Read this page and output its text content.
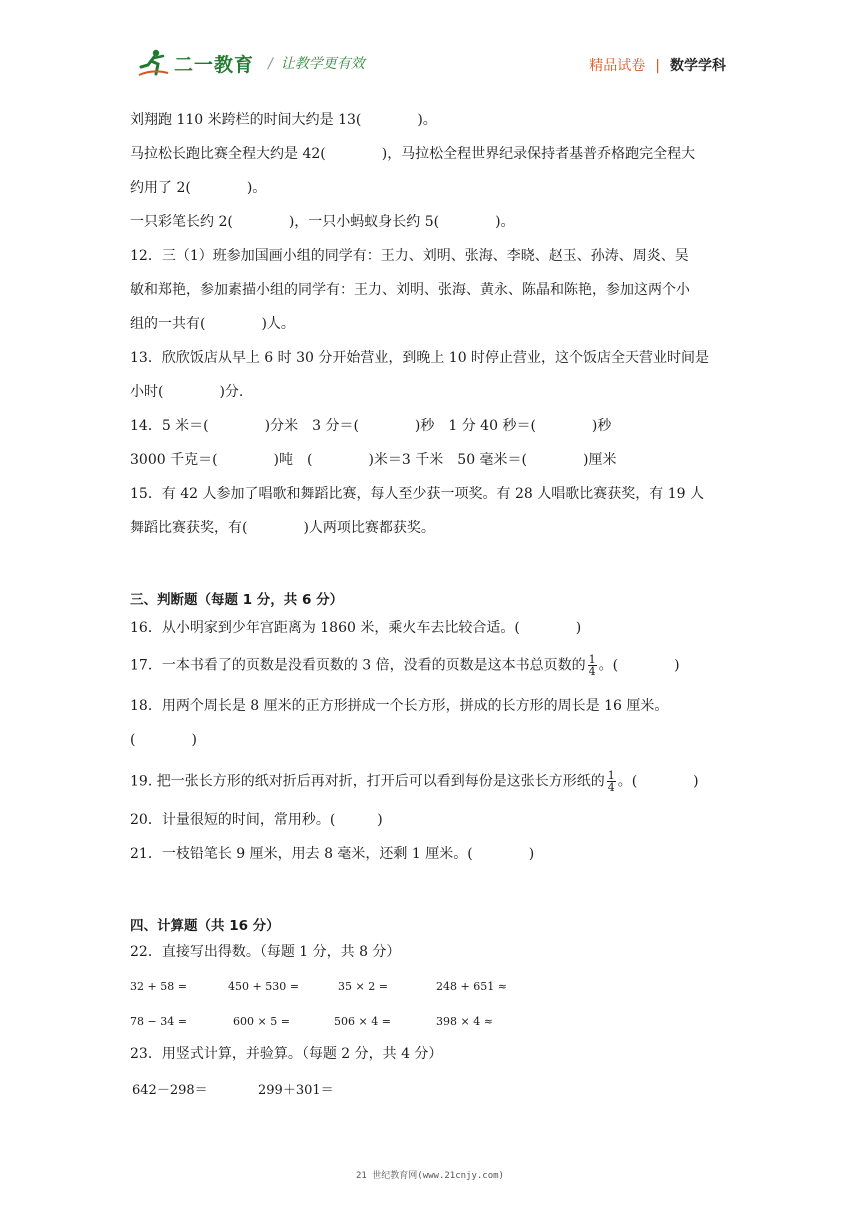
二一教育 / 让教学更有效	精品试卷 | 数学学科
刘翔跑 110 米跨栏的时间大约是 13(　　　　)。
马拉松长跑比赛全程大约是 42(　　　　)，马拉松全程世界纪录保持者基普乔格跑完全程大
约用了 2(　　　　)。
一只彩笔长约 2(　　　　)，一只小蚂蚁身长约 5(　　　　)。
12．三（1）班参加国画小组的同学有：王力、刘明、张海、李晓、赵玉、孙涛、周炎、吴
敏和郑艳，参加素描小组的同学有：王力、刘明、张海、黄永、陈晶和陈艳，参加这两个小
组的一共有(　　　　)人。
13．欣欣饭店从早上 6 时 30 分开始营业，到晚上 10 时停止营业，这个饭店全天营业时间是
小时(　　　　)分.
14．5 米＝(　　　　)分米　3 分＝(　　　　)秒　1 分 40 秒＝(　　　　)秒
3000 千克＝(　　　　)吨　(　　　　)米＝3 千米　50 毫米＝(　　　　)厘米
15．有 42 人参加了唱歌和舞蹈比赛，每人至少获一项奖。有 28 人唱歌比赛获奖，有 19 人
舞蹈比赛获奖，有(　　　　)人两项比赛都获奖。
三、判断题（每题 1 分，共 6 分）
16．从小明家到少年宫距离为 1860 米，乘火车去比较合适。(　　　　)
17．一本书看了的页数是没看页数的 3 倍，没看的页数是这本书总页数的 $\frac{1}{4}$ 。(　　　　)
18．用两个周长是 8 厘米的正方形拼成一个长方形，拼成的长方形的周长是 16 厘米。
(　　　　)
19. 把一张长方形的纸对折后再对折，打开后可以看到每份是这张长方形纸的 $\frac{1}{4}$ 。(　　　　)
20．计量很短的时间，常用秒。(　　　)
21．一枝铅笔长 9 厘米，用去 8 毫米，还剩 1 厘米。(　　　　)
四、计算题（共 16 分）
22．直接写出得数。（每题 1 分，共 8 分）
32 + 58 =	450 + 530 =	35 × 2 =	248 + 651 ≈
78 − 34 =	600 × 5 =	506 × 4 =	398 × 4 ≈
23．用竖式计算，并验算。（每题 2 分，共 4 分）
642－298＝	299＋301＝
21 世纪教育网(www.21cnjy.com)
